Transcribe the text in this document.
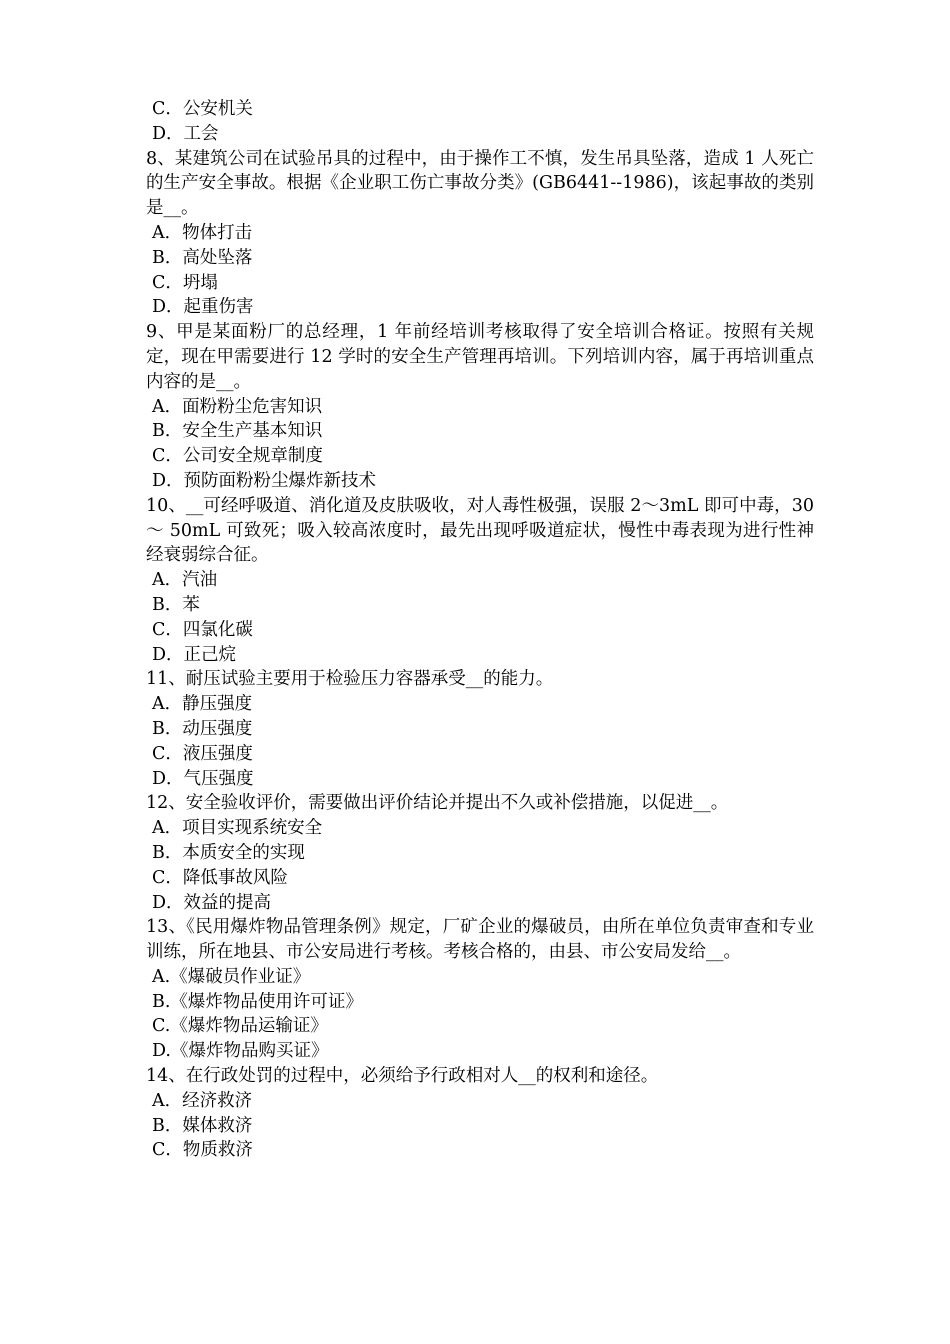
C．公安机关
D．工会
8、某建筑公司在试验吊具的过程中，由于操作工不慎，发生吊具坠落，造成 1 人死亡的生产安全事故。根据《企业职工伤亡事故分类》(GB6441--1986)，该起事故的类别是__。
A．物体打击
B．高处坠落
C．坍塌
D．起重伤害
9、甲是某面粉厂的总经理，1 年前经培训考核取得了安全培训合格证。按照有关规定，现在甲需要进行 12 学时的安全生产管理再培训。下列培训内容，属于再培训重点内容的是__。
A．面粉粉尘危害知识
B．安全生产基本知识
C．公司安全规章制度
D．预防面粉粉尘爆炸新技术
10、__可经呼吸道、消化道及皮肤吸收，对人毒性极强，误服 2～3mL 即可中毒，30～ 50mL 可致死；吸入较高浓度时，最先出现呼吸道症状，慢性中毒表现为进行性神经衰弱综合征。
A．汽油
B．苯
C．四氯化碳
D．正己烷
11、耐压试验主要用于检验压力容器承受__的能力。
A．静压强度
B．动压强度
C．液压强度
D．气压强度
12、安全验收评价，需要做出评价结论并提出不久或补偿措施，以促进__。
A．项目实现系统安全
B．本质安全的实现
C．降低事故风险
D．效益的提高
13、《民用爆炸物品管理条例》规定，厂矿企业的爆破员，由所在单位负责审查和专业训练，所在地县、市公安局进行考核。考核合格的，由县、市公安局发给__。
A.《爆破员作业证》
B.《爆炸物品使用许可证》
C.《爆炸物品运输证》
D.《爆炸物品购买证》
14、在行政处罚的过程中，必须给予行政相对人__的权利和途径。
A．经济救济
B．媒体救济
C．物质救济
